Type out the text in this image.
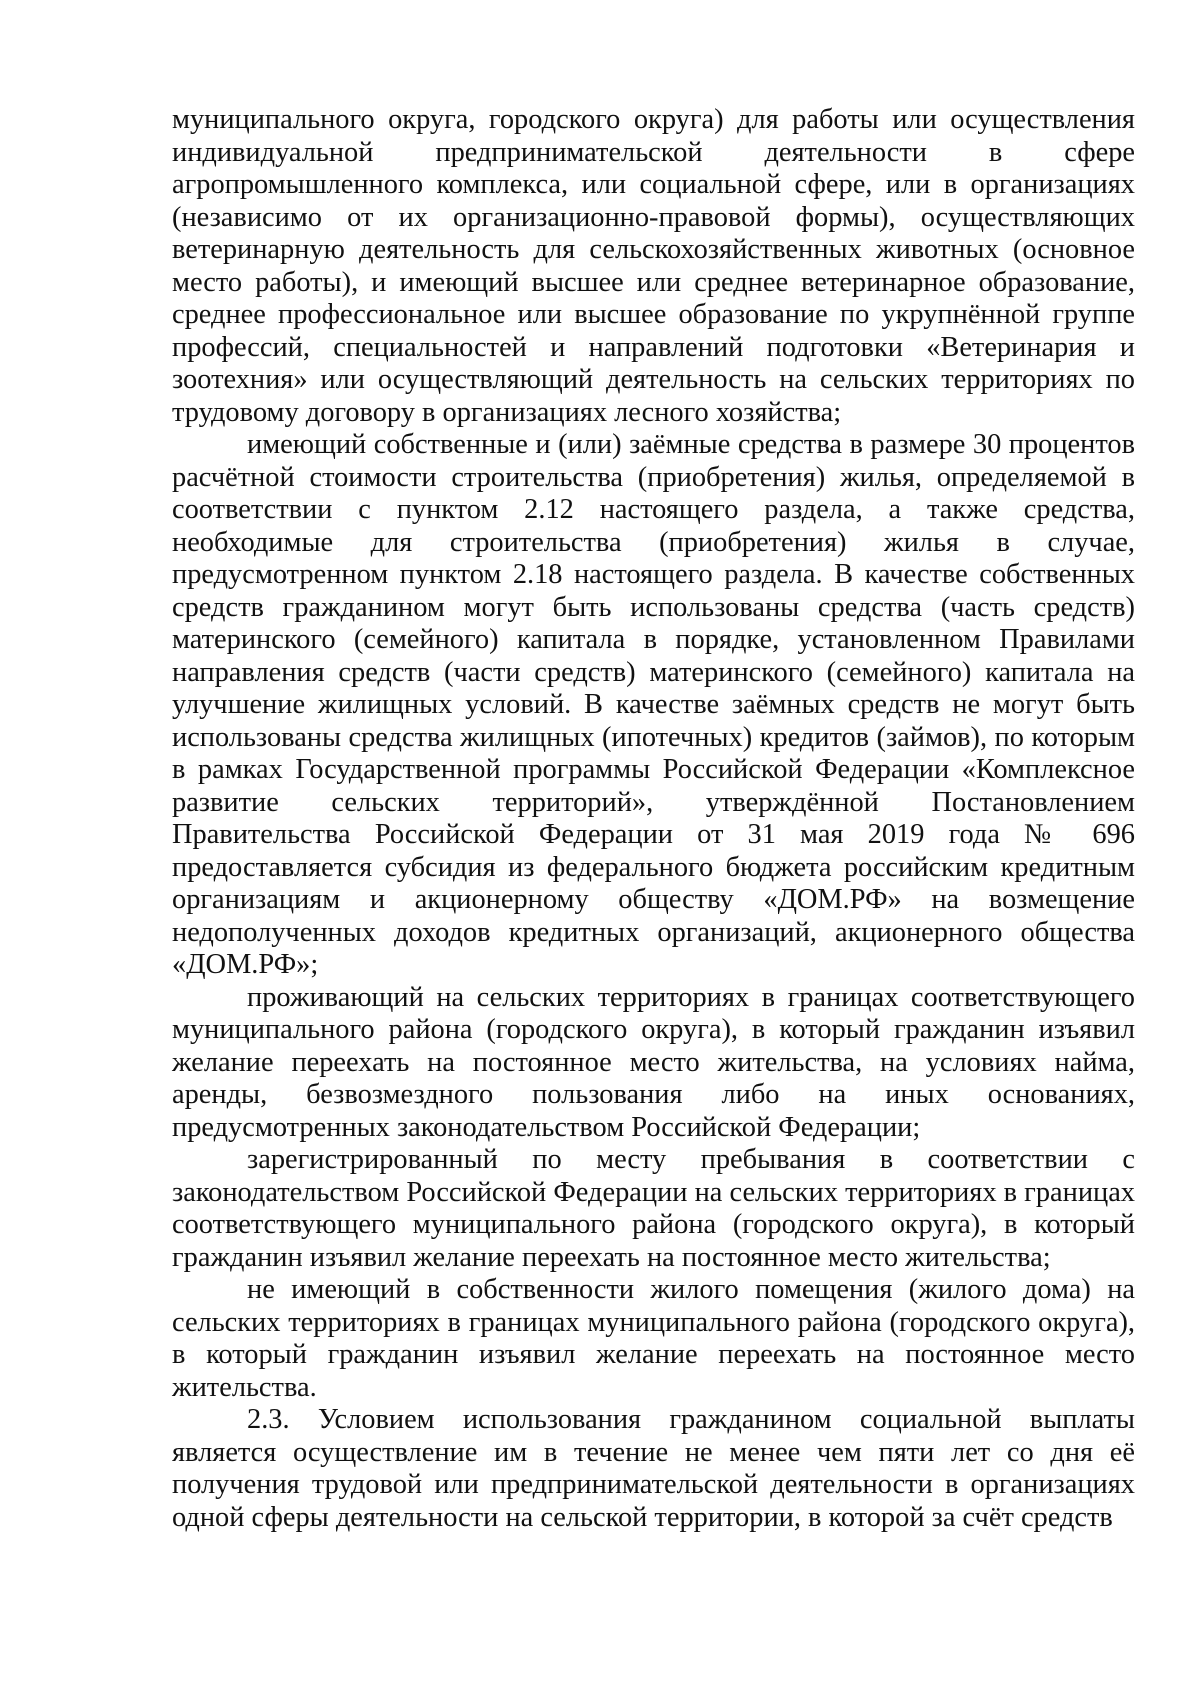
муниципального округа, городского округа) для работы или осуществления индивидуальной предпринимательской деятельности в сфере агропромышленного комплекса, или социальной сфере, или в организациях (независимо от их организационно-правовой формы), осуществляющих ветеринарную деятельность для сельскохозяйственных животных (основное место работы), и имеющий высшее или среднее ветеринарное образование, среднее профессиональное или высшее образование по укрупнённой группе профессий, специальностей и направлений подготовки «Ветеринария и зоотехния» или осуществляющий деятельность на сельских территориях по трудовому договору в организациях лесного хозяйства;

имеющий собственные и (или) заёмные средства в размере 30 процентов расчётной стоимости строительства (приобретения) жилья, определяемой в соответствии с пунктом 2.12 настоящего раздела, а также средства, необходимые для строительства (приобретения) жилья в случае, предусмотренном пунктом 2.18 настоящего раздела. В качестве собственных средств гражданином могут быть использованы средства (часть средств) материнского (семейного) капитала в порядке, установленном Правилами направления средств (части средств) материнского (семейного) капитала на улучшение жилищных условий. В качестве заёмных средств не могут быть использованы средства жилищных (ипотечных) кредитов (займов), по которым в рамках Государственной программы Российской Федерации «Комплексное развитие сельских территорий», утверждённой Постановлением Правительства Российской Федерации от 31 мая 2019 года № 696 предоставляется субсидия из федерального бюджета российским кредитным организациям и акционерному обществу «ДОМ.РФ» на возмещение недополученных доходов кредитных организаций, акционерного общества «ДОМ.РФ»;

проживающий на сельских территориях в границах соответствующего муниципального района (городского округа), в который гражданин изъявил желание переехать на постоянное место жительства, на условиях найма, аренды, безвозмездного пользования либо на иных основаниях, предусмотренных законодательством Российской Федерации;

зарегистрированный по месту пребывания в соответствии с законодательством Российской Федерации на сельских территориях в границах соответствующего муниципального района (городского округа), в который гражданин изъявил желание переехать на постоянное место жительства;

не имеющий в собственности жилого помещения (жилого дома) на сельских территориях в границах муниципального района (городского округа), в который гражданин изъявил желание переехать на постоянное место жительства.

2.3. Условием использования гражданином социальной выплаты является осуществление им в течение не менее чем пяти лет со дня её получения трудовой или предпринимательской деятельности в организациях одной сферы деятельности на сельской территории, в которой за счёт средств
